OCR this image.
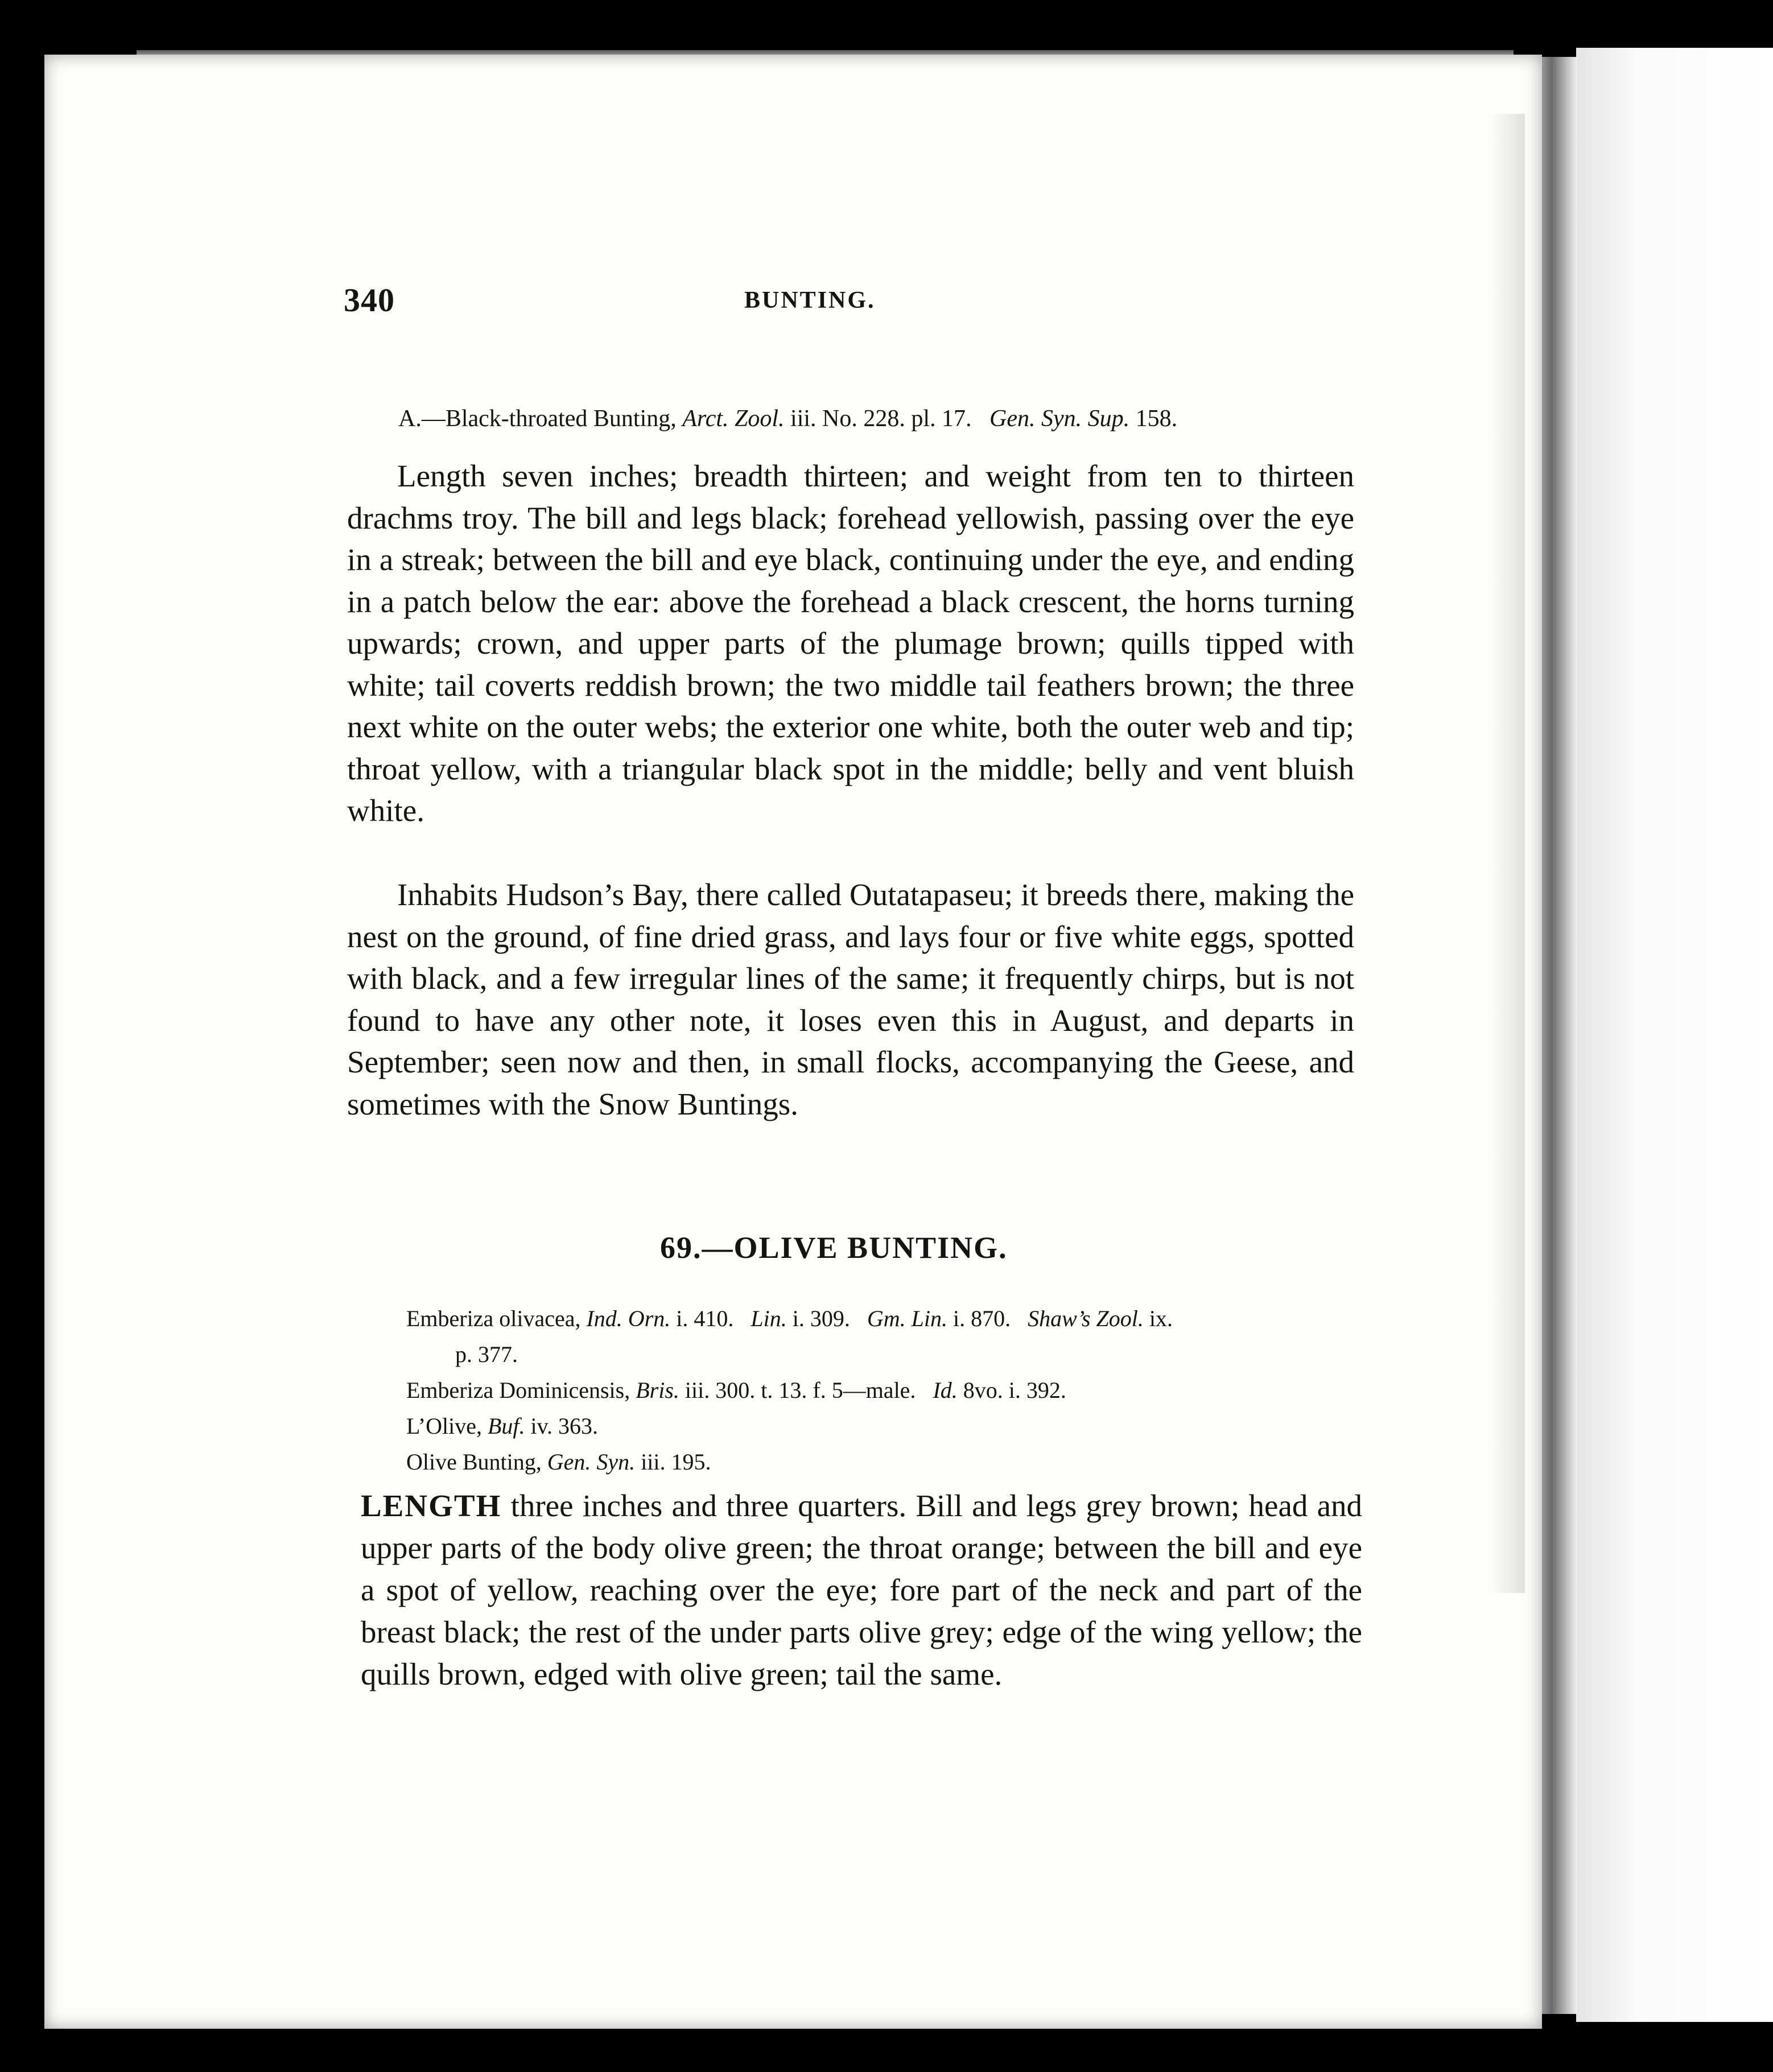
340	BUNTING.
A.—Black-throated Bunting, Arct. Zool. iii. No. 228. pl. 17. Gen. Syn. Sup. 158.

Length seven inches; breadth thirteen; and weight from ten to thirteen drachms troy. The bill and legs black; forehead yellowish, passing over the eye in a streak; between the bill and eye black, continuing under the eye, and ending in a patch below the ear: above the forehead a black crescent, the horns turning upwards; crown, and upper parts of the plumage brown; quills tipped with white; tail coverts reddish brown; the two middle tail feathers brown; the three next white on the outer webs; the exterior one white, both the outer web and tip; throat yellow, with a triangular black spot in the middle; belly and vent bluish white.

Inhabits Hudson’s Bay, there called Outatapaseu; it breeds there, making the nest on the ground, of fine dried grass, and lays four or five white eggs, spotted with black, and a few irregular lines of the same; it frequently chirps, but is not found to have any other note, it loses even this in August, and departs in September; seen now and then, in small flocks, accompanying the Geese, and sometimes with the Snow Buntings.

69.—OLIVE BUNTING.
Emberiza olivacea, Ind. Orn. i. 410. Lin. i. 309. Gm. Lin. i. 870. Shaw’s Zool. ix.
p. 377.
Emberiza Dominicensis, Bris. iii. 300. t. 13. f. 5—male. Id. 8vo. i. 392.
L’Olive, Buf. iv. 363.
Olive Bunting, Gen. Syn. iii. 195.

LENGTH three inches and three quarters. Bill and legs grey brown; head and upper parts of the body olive green; the throat orange; between the bill and eye a spot of yellow, reaching over the eye; fore part of the neck and part of the breast black; the rest of the under parts olive grey; edge of the wing yellow; the quills brown, edged with olive green; tail the same.
